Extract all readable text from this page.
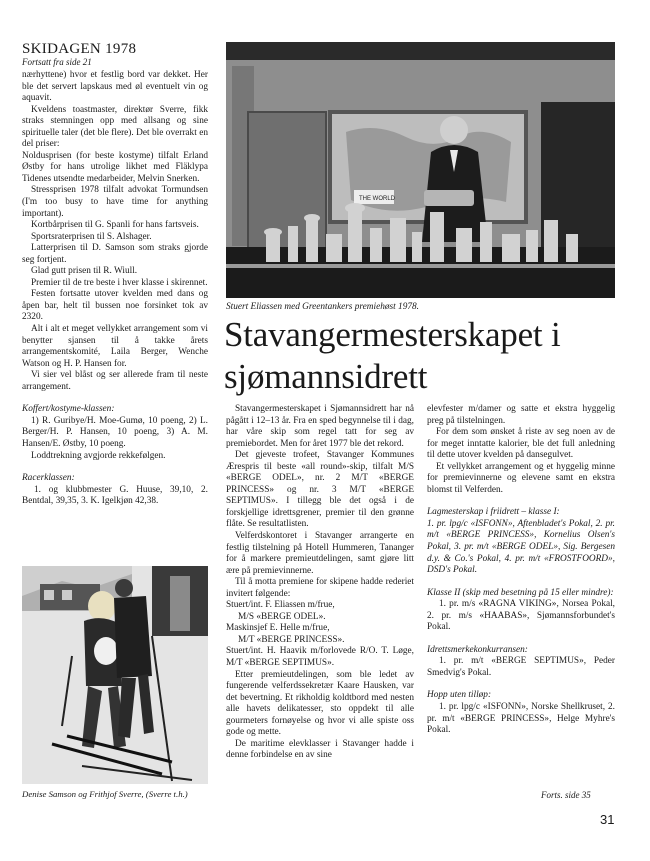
SKIDAGEN 1978
Fortsatt fra side 21

nærhyttene) hvor et festlig bord var dekket. Her ble det servert lapskaus med øl eventuelt vin og aquavit.

Kveldens toastmaster, direktør Sverre, fikk straks stemningen opp med allsang og sine spirituelle taler (det ble flere). Det ble overrakt en del priser:

Noldusprisen (for beste kostyme) tilfalt Erland Østby for hans utrolige likhet med Fläklypa Tidenes utsendte medarbeider, Melvin Snerken.

Stressprisen 1978 tilfalt advokat Tormundsen (I'm too busy to have time for anything important).

Kortbårprisen til G. Spanli for hans fartsveis.

Sportsraterprisen til S. Alshager.

Latterprisen til D. Samson som straks gjorde seg fortjent.

Glad gutt prisen til R. Wiull.

Premier til de tre beste i hver klasse i skirennet.

Festen fortsatte utover kvelden med dans og åpen bar, helt til bussen noe forsinket tok av 2320.

Alt i alt et meget vellykket arrangement som vi benytter sjansen til å takke årets arrangementskomité, Laila Berger, Wenche Watson og H. P. Hansen for.

Vi sier vel blåst og ser allerede fram til neste arrangement.

Koffert/kostyme-klassen:

1) R. Guribye/H. Moe-Gumø, 10 poeng, 2) L. Berger/H. P. Hansen, 10 poeng, 3) A. M. Hansen/E. Østby, 10 poeng.

Loddtrekning avgjorde rekkefølgen.

Racerklassen:

1. og klubbmester G. Huuse, 39,10, 2. Bentdal, 39,35, 3. K. Igelkjøn 42,38.

Denise Samson og Frithjof Sverre, (Sverre t.h.)
THE WORLD
Stuert Eliassen med Greentankers premiehøst 1978.
Stavangermesterskapet i sjømannsidrett

Stavangermesterskapet i Sjømannsidrett har nå pågått i 12–13 år. Fra en sped begynnelse til i dag, har våre skip som regel tatt for seg av premiebordet. Men for året 1977 ble det rekord.

Det gjeveste trofeet, Stavanger Kommunes Ærespris til beste «all round»-skip, tilfalt M/S «BERGE ODEL», nr. 2 M/T «BERGE PRINCESS» og nr. 3 M/T «BERGE SEPTIMUS». I tillegg ble det også i de forskjellige idrettsgrener, premier til den grønne flåte. Se resultatlisten.

Velferdskontoret i Stavanger arrangerte en festlig tilstelning på Hotell Hummeren, Tananger for å markere premieutdelingen, samt gjøre litt ære på premievinnerne.

Til å motta premiene for skipene hadde rederiet invitert følgende:

Stuert/int. F. Eliassen m/frue,

M/S «BERGE ODEL».

Maskinsjef E. Helle m/frue,

M/T «BERGE PRINCESS».

Stuert/int. H. Haavik m/forlovede R/O. T. Løge, M/T «BERGE SEPTIMUS».

Etter premieutdelingen, som ble ledet av fungerende velferdssekretær Kaare Hausken, var det bevertning. Et rikholdig koldtbord med nesten alle havets delikatesser, sto oppdekt til alle gourmeters fornøyelse og hvor vi alle spiste oss gode og mette.

De maritime elevklasser i Stavanger hadde i denne forbindelse en av sine

elevfester m/damer og satte et ekstra hyggelig preg på tilstelningen.

For dem som ønsket å riste av seg noen av de for meget inntatte kalorier, ble det full anledning til dette utover kvelden på dansegulvet.

Et vellykket arrangement og et hyggelig minne for premievinnerne og elevene samt en ekstra blomst til Velferden.

Lagmesterskap i friidrett – klasse I:

1. pr. lpg/c «ISFONN», Aftenbladet's Pokal, 2. pr. m/t «BERGE PRINCESS», Kornelius Olsen's Pokal, 3. pr. m/t «BERGE ODEL», Sig. Bergesen d.y. & Co.'s Pokal, 4. pr. m/t «FROSTFOORD», DSD's Pokal.

Klasse II (skip med besetning på 15 eller mindre):

1. pr. m/s «RAGNA VIKING», Norsea Pokal, 2. pr. m/s «HAABAS», Sjømannsforbundet's Pokal.

Idrettsmerkekonkurransen:

1. pr. m/t «BERGE SEPTIMUS», Peder Smedvig's Pokal.

Hopp uten tilløp:

1. pr. lpg/c «ISFONN», Norske Shellkruset, 2. pr. m/t «BERGE PRINCESS», Helge Myhre's Pokal.

Forts. side 35
31
